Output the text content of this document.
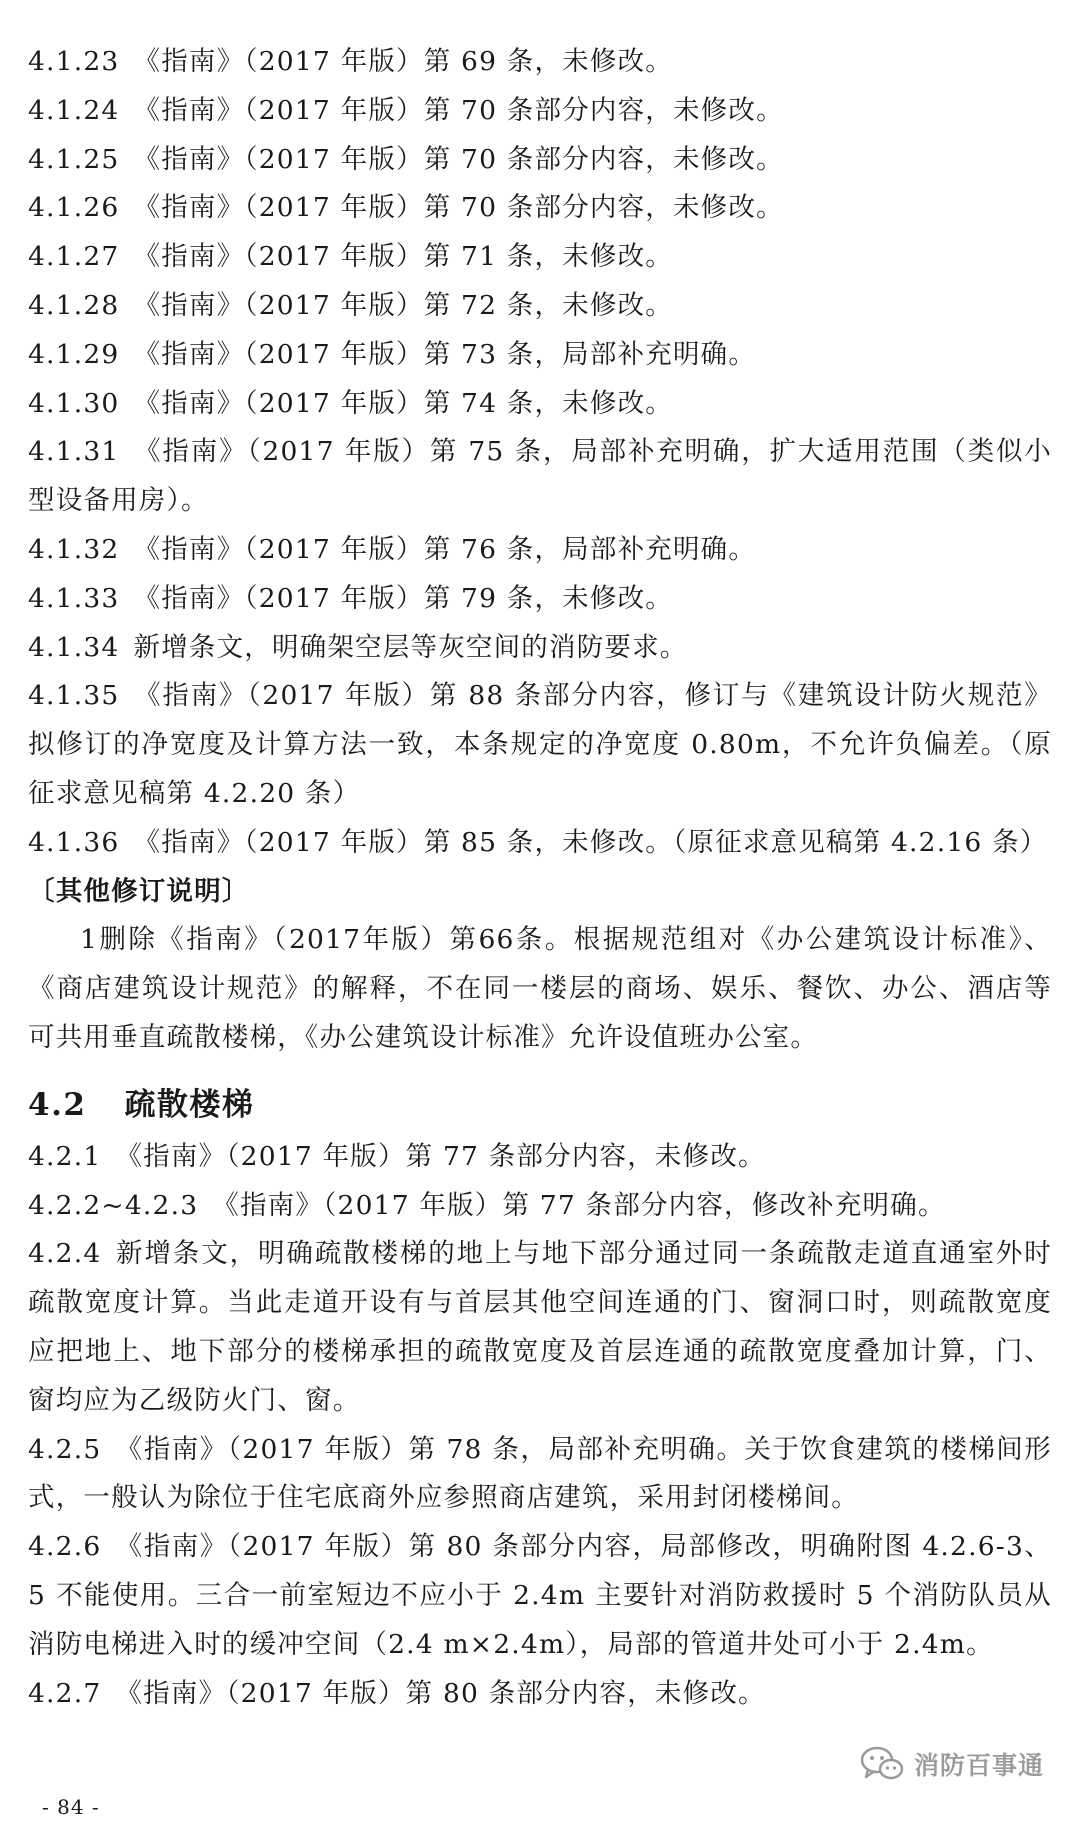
4.1.23 《指南》（2017 年版）第 69 条，未修改。
4.1.24 《指南》（2017 年版）第 70 条部分内容，未修改。
4.1.25 《指南》（2017 年版）第 70 条部分内容，未修改。
4.1.26 《指南》（2017 年版）第 70 条部分内容，未修改。
4.1.27 《指南》（2017 年版）第 71 条，未修改。
4.1.28 《指南》（2017 年版）第 72 条，未修改。
4.1.29 《指南》（2017 年版）第 73 条，局部补充明确。
4.1.30 《指南》（2017 年版）第 74 条，未修改。
4.1.31 《指南》（2017 年版）第 75 条，局部补充明确，扩大适用范围（类似小型设备用房）。
4.1.32 《指南》（2017 年版）第 76 条，局部补充明确。
4.1.33 《指南》（2017 年版）第 79 条，未修改。
4.1.34 新增条文，明确架空层等灰空间的消防要求。
4.1.35 《指南》（2017 年版）第 88 条部分内容，修订与《建筑设计防火规范》拟修订的净宽度及计算方法一致，本条规定的净宽度 0.80m，不允许负偏差。（原征求意见稿第 4.2.20 条）
4.1.36 《指南》（2017 年版）第 85 条，未修改。（原征求意见稿第 4.2.16 条）
〔其他修订说明〕
1删除《指南》（2017年版）第66条。根据规范组对《办公建筑设计标准》、《商店建筑设计规范》的解释，不在同一楼层的商场、娱乐、餐饮、办公、酒店等可共用垂直疏散楼梯，《办公建筑设计标准》允许设值班办公室。
4.2 疏散楼梯
4.2.1 《指南》（2017 年版）第 77 条部分内容，未修改。
4.2.2~4.2.3 《指南》（2017 年版）第 77 条部分内容，修改补充明确。
4.2.4 新增条文，明确疏散楼梯的地上与地下部分通过同一条疏散走道直通室外时疏散宽度计算。当此走道开设有与首层其他空间连通的门、窗洞口时，则疏散宽度应把地上、地下部分的楼梯承担的疏散宽度及首层连通的疏散宽度叠加计算，门、窗均应为乙级防火门、窗。
4.2.5 《指南》（2017 年版）第 78 条，局部补充明确。关于饮食建筑的楼梯间形式，一般认为除位于住宅底商外应参照商店建筑，采用封闭楼梯间。
4.2.6 《指南》（2017 年版）第 80 条部分内容，局部修改，明确附图 4.2.6-3、5 不能使用。三合一前室短边不应小于 2.4m 主要针对消防救援时 5 个消防队员从消防电梯进入时的缓冲空间（2.4 m×2.4m），局部的管道井处可小于 2.4m。
4.2.7 《指南》（2017 年版）第 80 条部分内容，未修改。
消防百事通
- 84 -
